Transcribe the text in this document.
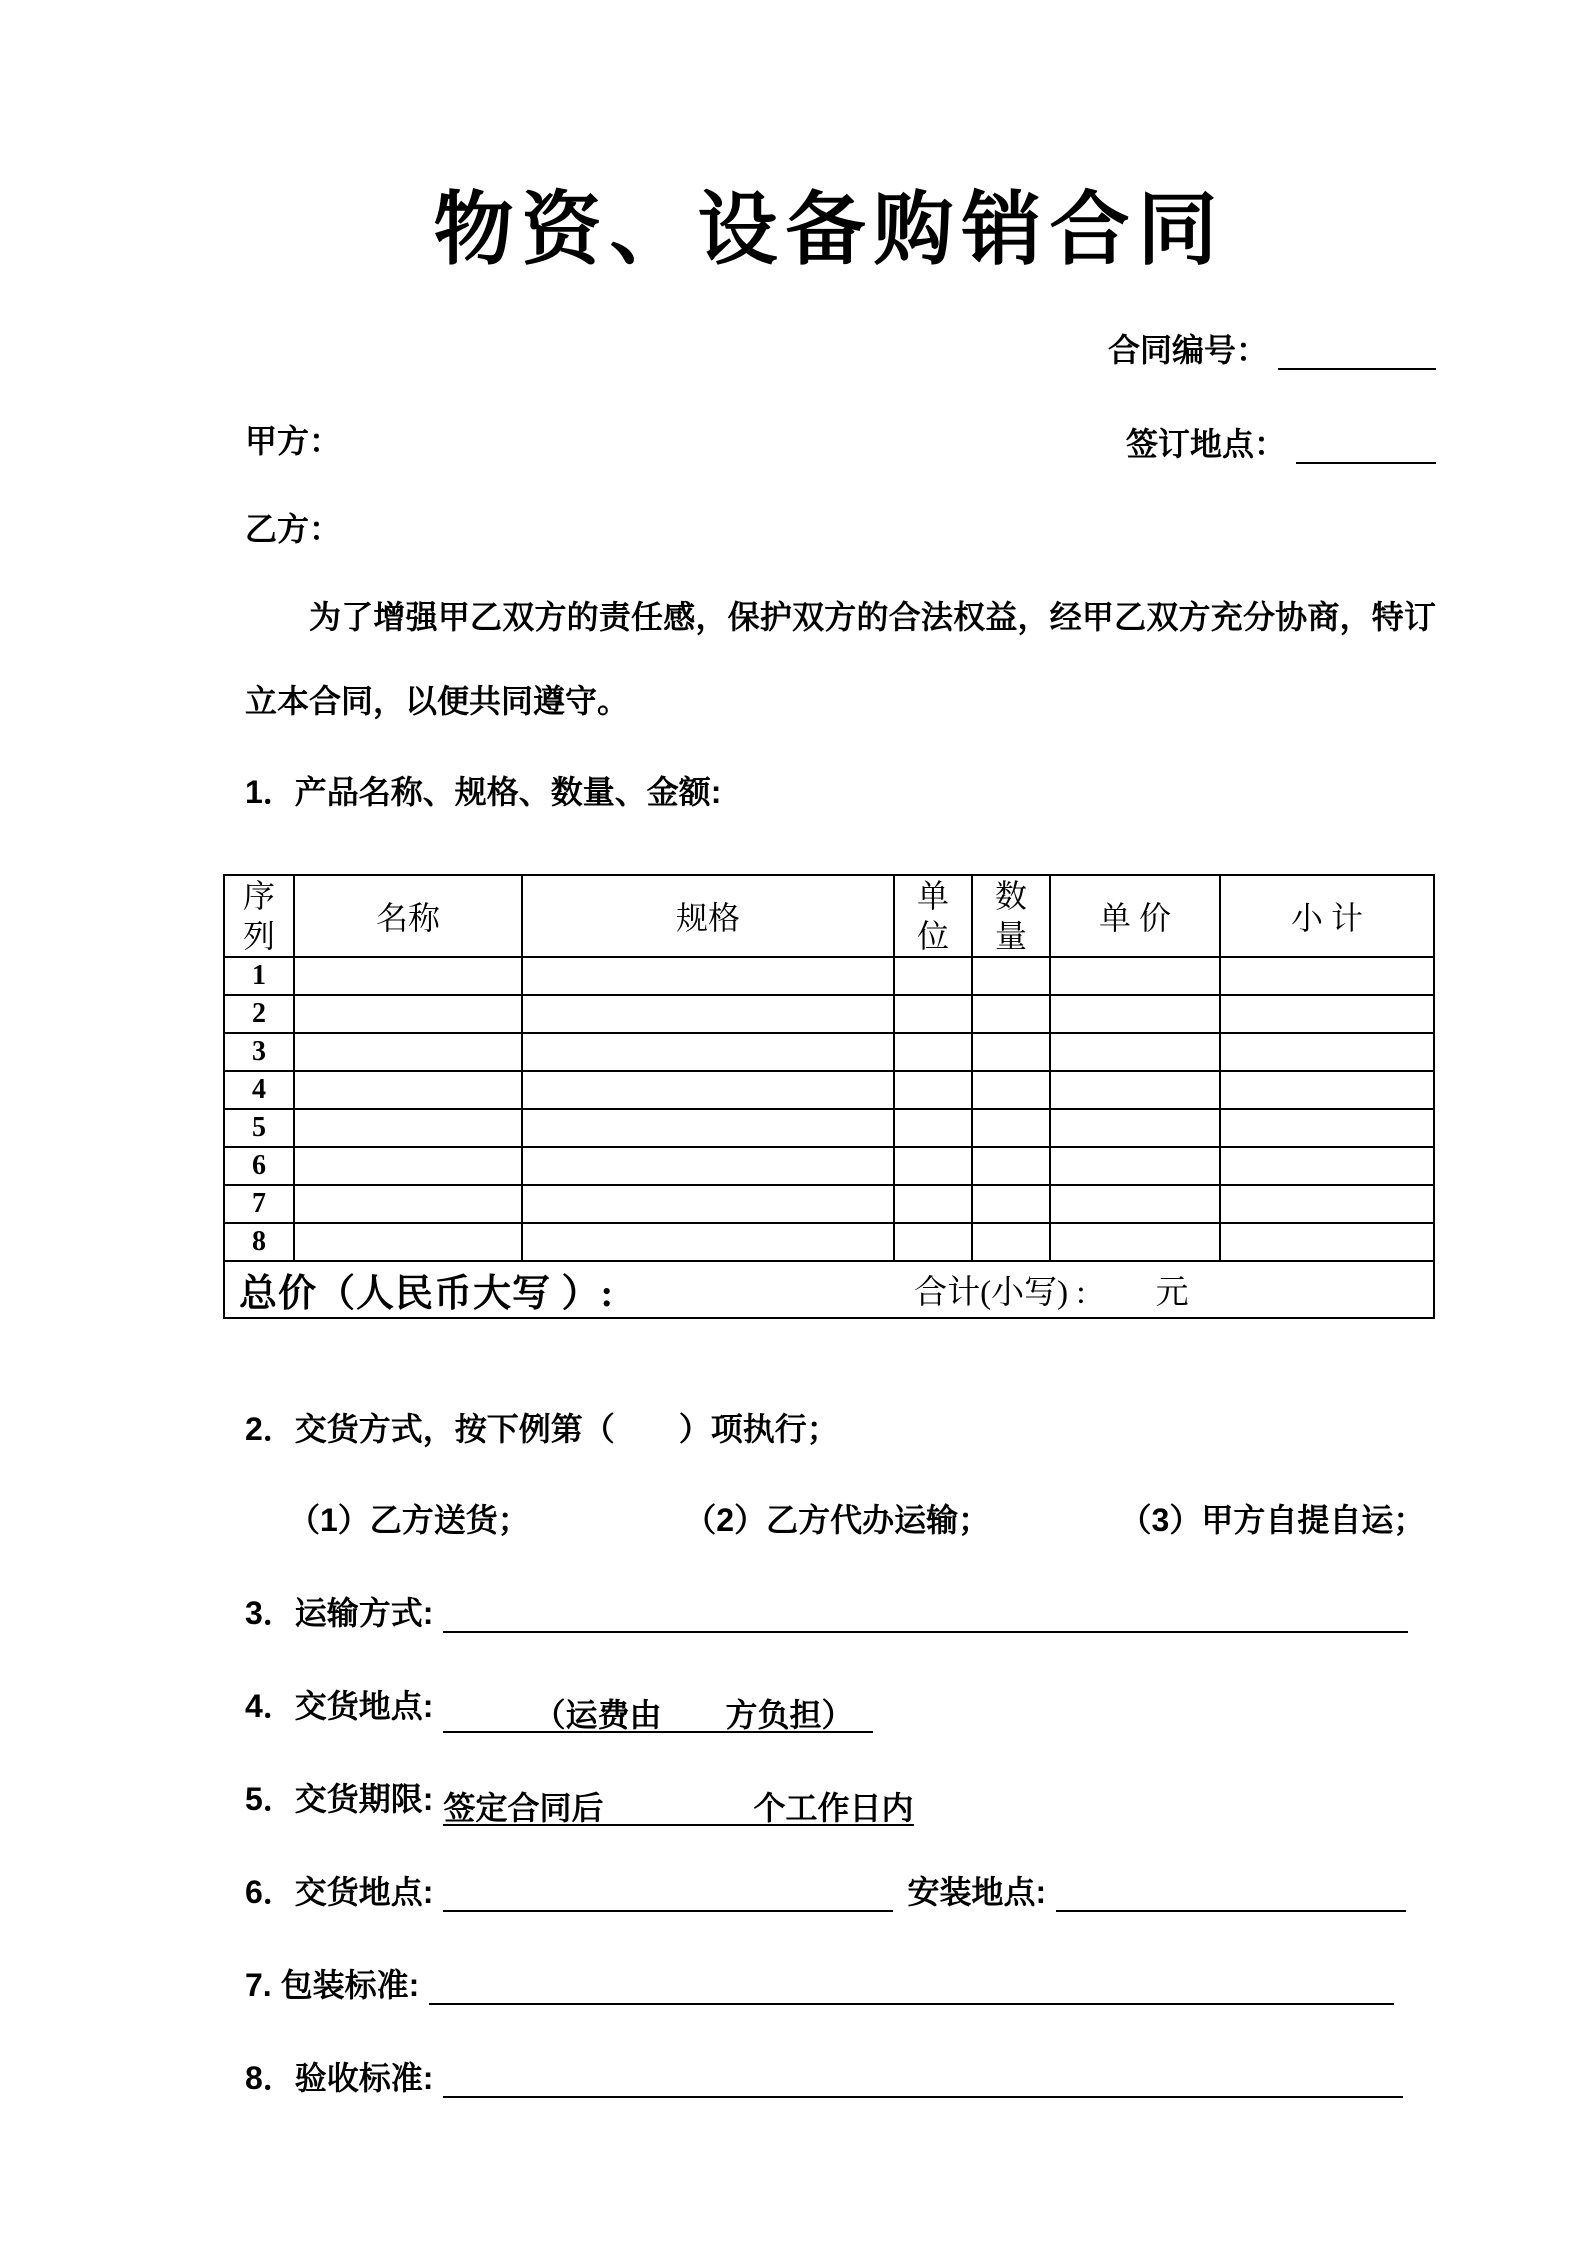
物资、设备购销合同
合同编号：
甲方：	签订地点：
乙方：

为了增强甲乙双方的责任感，保护双方的合法权益，经甲乙双方充分协商，特订立本合同，以便共同遵守。

1．产品名称、规格、数量、金额:
序列	名称	规格	单位	数量	单 价	小 计
1						
2						
3						
4						
5						
6						
7						
8						

总价（人民币大写 ）: 合计(小写) : 元						
2．交货方式，按下例第（　　）项执行；
（1）乙方送货；	（2）乙方代办运输；	（3）甲方自提自运；
3．运输方式:
4．交货地点:	（运费由　　方负担）
5．交货期限: 签定合同后	个工作日内
6．交货地点:	安装地点:
7. 包装标准:
8．验收标准:
